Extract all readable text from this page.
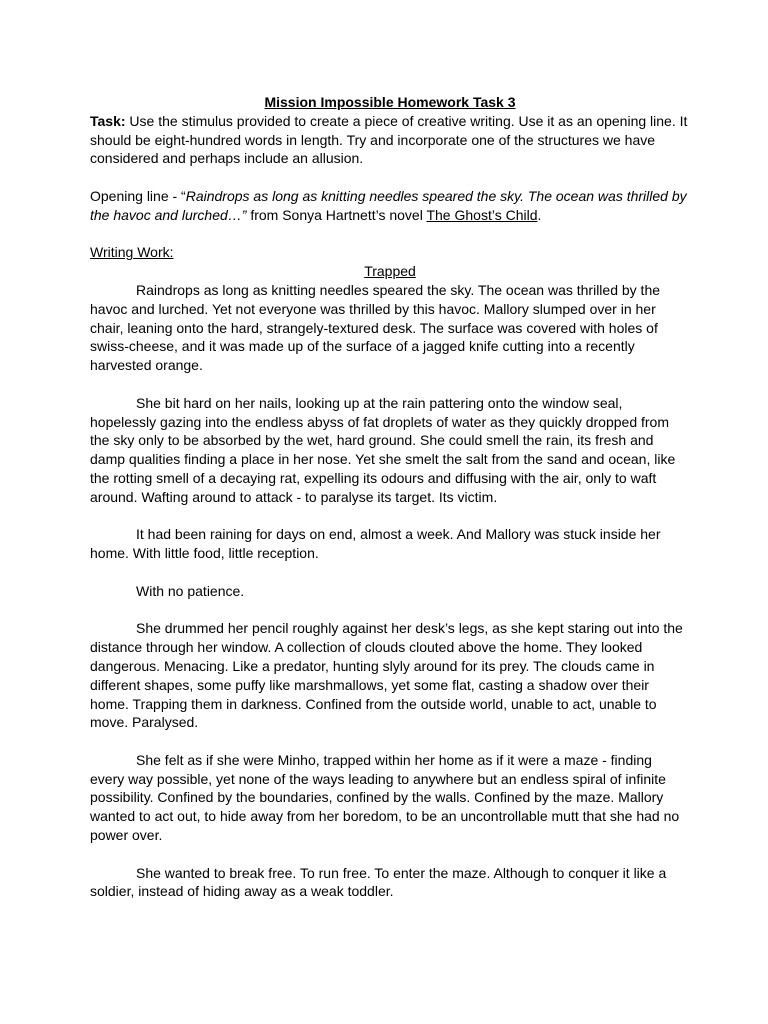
Mission Impossible Homework Task 3

Task: Use the stimulus provided to create a piece of creative writing. Use it as an opening line. It should be eight-hundred words in length. Try and incorporate one of the structures we have considered and perhaps include an allusion.

Opening line - “Raindrops as long as knitting needles speared the sky. The ocean was thrilled by the havoc and lurched…” from Sonya Hartnett’s novel The Ghost’s Child.

Writing Work:

Trapped

Raindrops as long as knitting needles speared the sky. The ocean was thrilled by the havoc and lurched. Yet not everyone was thrilled by this havoc. Mallory slumped over in her chair, leaning onto the hard, strangely-textured desk. The surface was covered with holes of swiss-cheese, and it was made up of the surface of a jagged knife cutting into a recently harvested orange.

She bit hard on her nails, looking up at the rain pattering onto the window seal, hopelessly gazing into the endless abyss of fat droplets of water as they quickly dropped from the sky only to be absorbed by the wet, hard ground. She could smell the rain, its fresh and damp qualities finding a place in her nose. Yet she smelt the salt from the sand and ocean, like the rotting smell of a decaying rat, expelling its odours and diffusing with the air, only to waft around. Wafting around to attack - to paralyse its target. Its victim.

It had been raining for days on end, almost a week. And Mallory was stuck inside her home. With little food, little reception.

With no patience.

She drummed her pencil roughly against her desk’s legs, as she kept staring out into the distance through her window. A collection of clouds clouted above the home. They looked dangerous. Menacing. Like a predator, hunting slyly around for its prey. The clouds came in different shapes, some puffy like marshmallows, yet some flat, casting a shadow over their home. Trapping them in darkness. Confined from the outside world, unable to act, unable to move. Paralysed.

She felt as if she were Minho, trapped within her home as if it were a maze - finding every way possible, yet none of the ways leading to anywhere but an endless spiral of infinite possibility. Confined by the boundaries, confined by the walls. Confined by the maze. Mallory wanted to act out, to hide away from her boredom, to be an uncontrollable mutt that she had no power over.

She wanted to break free. To run free. To enter the maze. Although to conquer it like a soldier, instead of hiding away as a weak toddler.
